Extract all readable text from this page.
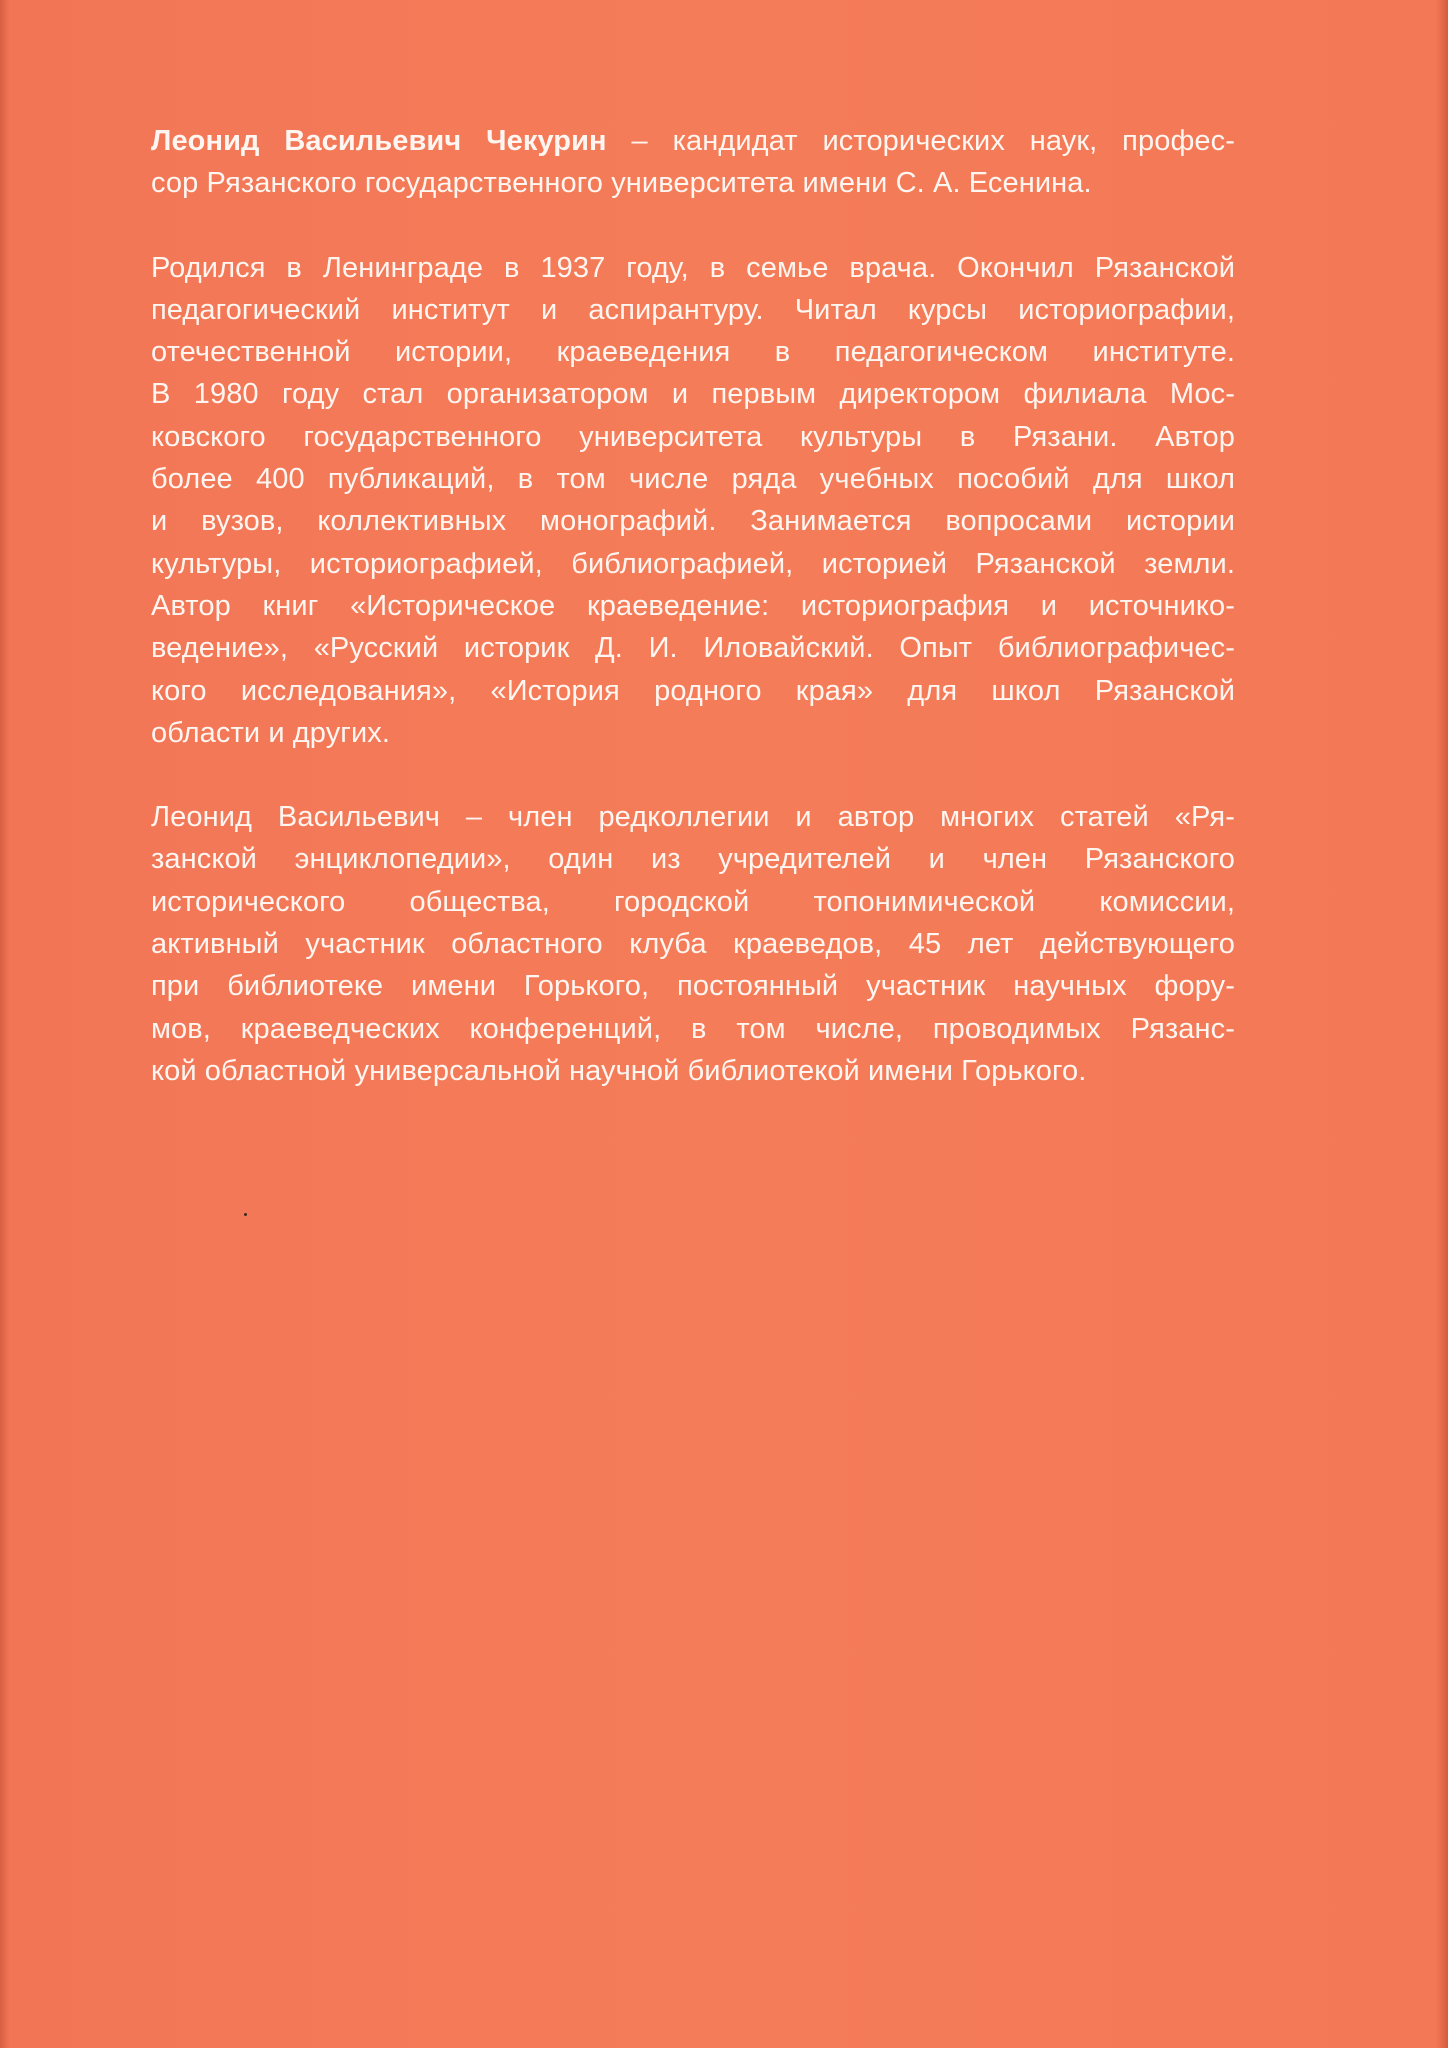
Леонид Васильевич Чекурин – кандидат исторических наук, профес-
сор Рязанского государственного университета имени С. А. Есенина.
Родился в Ленинграде в 1937 году, в семье врача. Окончил Рязанской
педагогический институт и аспирантуру. Читал курсы историографии,
отечественной истории, краеведения в педагогическом институте.
В 1980 году стал организатором и первым директором филиала Мос-
ковского государственного университета культуры в Рязани. Автор
более 400 публикаций, в том числе ряда учебных пособий для школ
и вузов, коллективных монографий. Занимается вопросами истории
культуры, историографией, библиографией, историей Рязанской земли.
Автор книг «Историческое краеведение: историография и источнико-
ведение», «Русский историк Д. И. Иловайский. Опыт библиографичес-
кого исследования», «История родного края» для школ Рязанской
области и других.
Леонид Васильевич – член редколлегии и автор многих статей «Ря-
занской энциклопедии», один из учредителей и член Рязанского
исторического общества, городской топонимической комиссии,
активный участник областного клуба краеведов, 45 лет действующего
при библиотеке имени Горького, постоянный участник научных фору-
мов, краеведческих конференций, в том числе, проводимых Рязанс-
кой областной универсальной научной библиотекой имени Горького.
